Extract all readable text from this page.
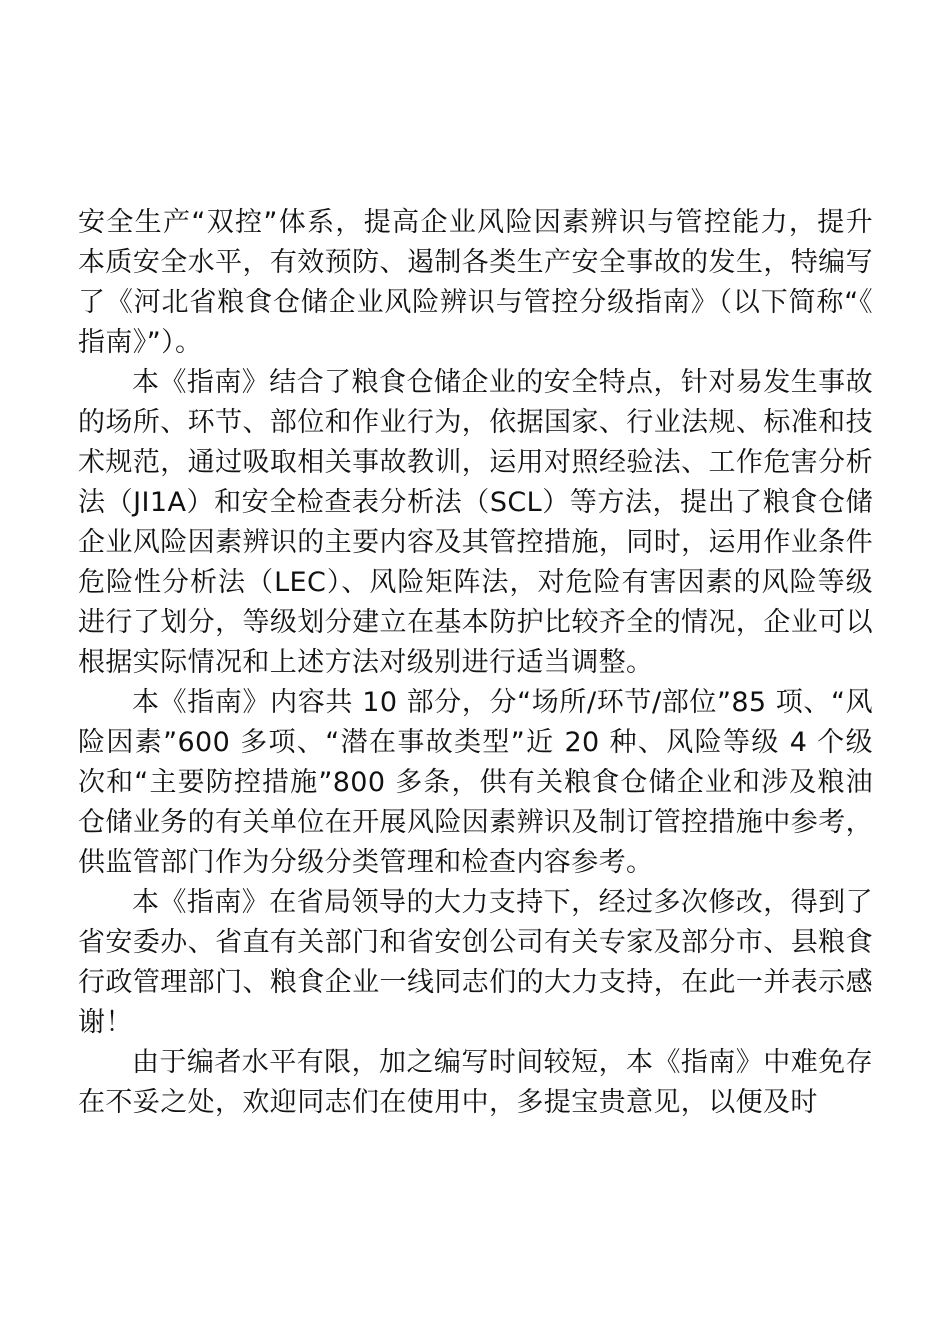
安全生产“双控”体系，提高企业风险因素辨识与管控能力，提升本质安全水平，有效预防、遏制各类生产安全事故的发生，特编写了《河北省粮食仓储企业风险辨识与管控分级指南》（以下简称“《指南》”）。

本《指南》结合了粮食仓储企业的安全特点，针对易发生事故的场所、环节、部位和作业行为，依据国家、行业法规、标准和技术规范，通过吸取相关事故教训，运用对照经验法、工作危害分析法（JI1A）和安全检查表分析法（SCL）等方法，提出了粮食仓储企业风险因素辨识的主要内容及其管控措施，同时，运用作业条件危险性分析法（LEC）、风险矩阵法，对危险有害因素的风险等级进行了划分，等级划分建立在基本防护比较齐全的情况，企业可以根据实际情况和上述方法对级别进行适当调整。

本《指南》内容共 10 部分，分“场所/环节/部位”85 项、“风险因素”600 多项、“潜在事故类型”近 20 种、风险等级 4 个级次和“主要防控措施”800 多条，供有关粮食仓储企业和涉及粮油仓储业务的有关单位在开展风险因素辨识及制订管控措施中参考，供监管部门作为分级分类管理和检查内容参考。

本《指南》在省局领导的大力支持下，经过多次修改，得到了省安委办、省直有关部门和省安创公司有关专家及部分市、县粮食行政管理部门、粮食企业一线同志们的大力支持，在此一并表示感谢！

由于编者水平有限，加之编写时间较短，本《指南》中难免存在不妥之处，欢迎同志们在使用中，多提宝贵意见，以便及时
